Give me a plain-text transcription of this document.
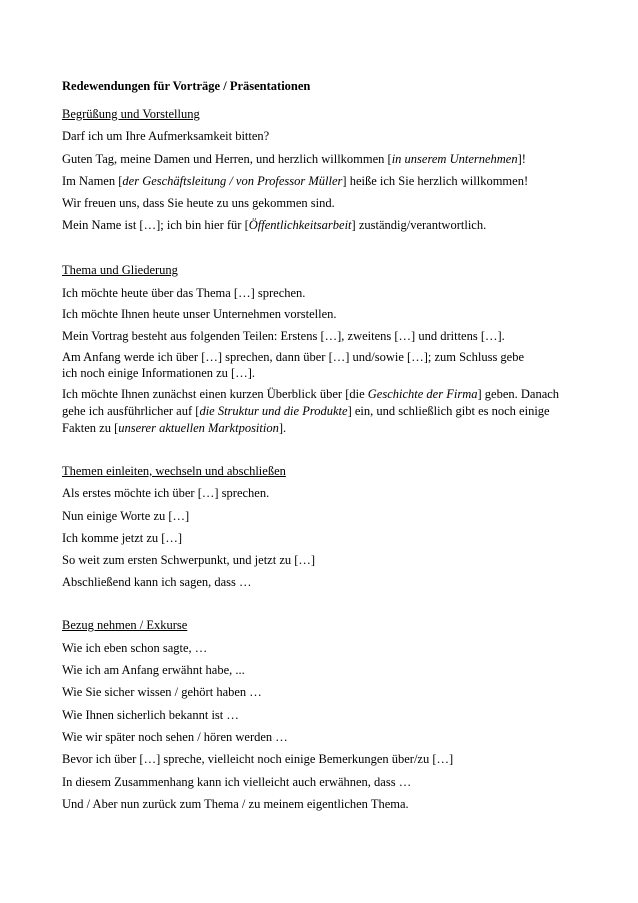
Redewendungen für Vorträge / Präsentationen
Begrüßung und Vorstellung
Darf ich um Ihre Aufmerksamkeit bitten?
Guten Tag, meine Damen und Herren, und herzlich willkommen [in unserem Unternehmen]!
Im Namen [der Geschäftsleitung / von Professor Müller] heiße ich Sie herzlich willkommen!
Wir freuen uns, dass Sie heute zu uns gekommen sind.
Mein Name ist […]; ich bin hier für [Öffentlichkeitsarbeit] zuständig/verantwortlich.
Thema und Gliederung
Ich möchte heute über das Thema […] sprechen.
Ich möchte Ihnen heute unser Unternehmen vorstellen.
Mein Vortrag besteht aus folgenden Teilen: Erstens […], zweitens […] und drittens […].
Am Anfang werde ich über […] sprechen, dann über […] und/sowie […]; zum Schluss gebe
ich noch einige Informationen zu […].
Ich möchte Ihnen zunächst einen kurzen Überblick über [die Geschichte der Firma] geben. Danach
gehe ich ausführlicher auf [die Struktur und die Produkte] ein, und schließlich gibt es noch einige
Fakten zu [unserer aktuellen Marktposition].
Themen einleiten, wechseln und abschließen
Als erstes möchte ich über […] sprechen.
Nun einige Worte zu […]
Ich komme jetzt zu […]
So weit zum ersten Schwerpunkt, und jetzt zu […]
Abschließend kann ich sagen, dass …
Bezug nehmen / Exkurse
Wie ich eben schon sagte, …
Wie ich am Anfang erwähnt habe, ...
Wie Sie sicher wissen / gehört haben …
Wie Ihnen sicherlich bekannt ist …
Wie wir später noch sehen / hören werden …
Bevor ich über […] spreche, vielleicht noch einige Bemerkungen über/zu […]
In diesem Zusammenhang kann ich vielleicht auch erwähnen, dass …
Und / Aber nun zurück zum Thema / zu meinem eigentlichen Thema.
